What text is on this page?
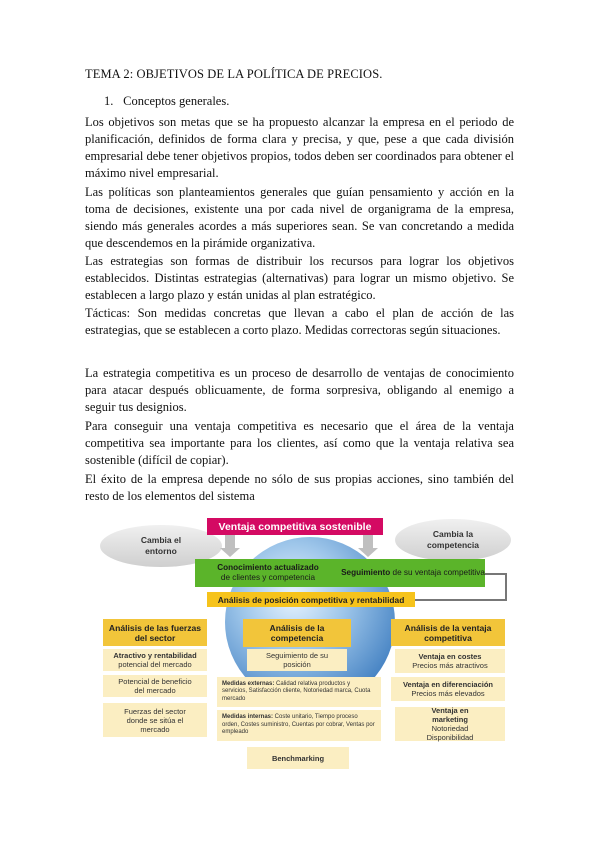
TEMA 2: OBJETIVOS DE LA POLÍTICA DE PRECIOS.
1. Conceptos generales.
Los objetivos son metas que se ha propuesto alcanzar la empresa en el periodo de planificación, definidos de forma clara y precisa, y que, pese a que cada división empresarial debe tener objetivos propios, todos deben ser coordinados para obtener el máximo nivel empresarial.
Las políticas son planteamientos generales que guían pensamiento y acción en la toma de decisiones, existente una por cada nivel de organigrama de la empresa, siendo más generales acordes a más superiores sean. Se van concretando a medida que descendemos en la pirámide organizativa.
Las estrategias son formas de distribuir los recursos para lograr los objetivos establecidos. Distintas estrategias (alternativas) para lograr un mismo objetivo. Se establecen a largo plazo y están unidas al plan estratégico.
Tácticas: Son medidas concretas que llevan a cabo el plan de acción de las estrategias, que se establecen a corto plazo. Medidas correctoras según situaciones.
La estrategia competitiva es un proceso de desarrollo de ventajas de conocimiento para atacar después oblicuamente, de forma sorpresiva, obligando al enemigo a seguir tus designios.
Para conseguir una ventaja competitiva es necesario que el área de la ventaja competitiva sea importante para los clientes, así como que la ventaja relativa sea sostenible (difícil de copiar).
El éxito de la empresa depende no sólo de sus propias acciones, sino también del resto de los elementos del sistema
Cambia el entorno
Cambia la competencia
Ventaja competitiva sostenible
Conocimiento actualizado
de clientes y competencia
Seguimiento de su ventaja competitiva
Análisis de posición competitiva y rentabilidad
Análisis de las fuerzas del sector
Análisis de la competencia
Análisis de la ventaja competitiva
Atractivo y rentabilidad
potencial del mercado
Potencial de beneficio del mercado
Fuerzas del sector donde se sitúa el mercado
Seguimiento de su posición
Medidas externas: Calidad relativa productos y servicios, Satisfacción cliente, Notoriedad marca, Cuota mercado
Medidas internas: Coste unitario, Tiempo proceso orden, Costes suministro, Cuentas por cobrar, Ventas por empleado
Benchmarking
Ventaja en costes
Precios más atractivos
Ventaja en diferenciación
Precios más elevados
Ventaja en marketing
Notoriedad Disponibilidad
